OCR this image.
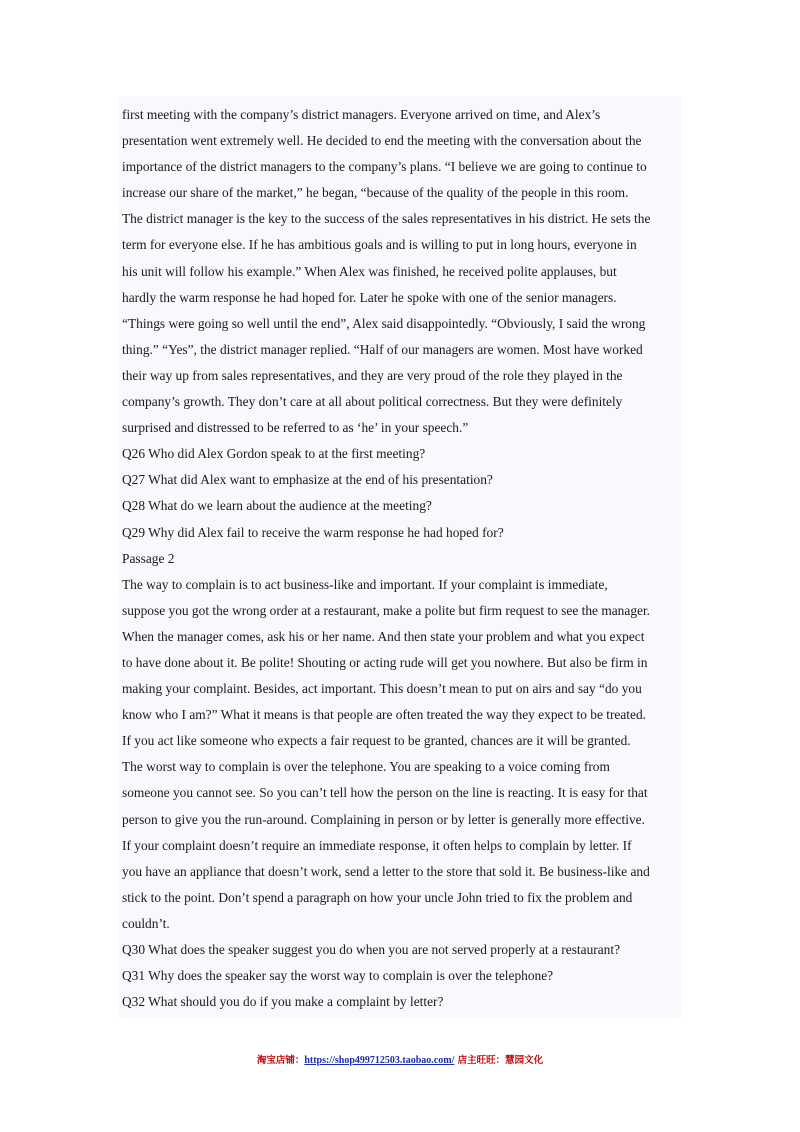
first meeting with the company’s district managers. Everyone arrived on time, and Alex’s

presentation went extremely well. He decided to end the meeting with the conversation about the

importance of the district managers to the company’s plans. “I believe we are going to continue to

increase our share of the market,” he began, “because of the quality of the people in this room.

The district manager is the key to the success of the sales representatives in his district. He sets the

term for everyone else. If he has ambitious goals and is willing to put in long hours, everyone in

his unit will follow his example.” When Alex was finished, he received polite applauses, but

hardly the warm response he had hoped for. Later he spoke with one of the senior managers.

“Things were going so well until the end”, Alex said disappointedly. “Obviously, I said the wrong

thing.” “Yes”, the district manager replied. “Half of our managers are women. Most have worked

their way up from sales representatives, and they are very proud of the role they played in the

company’s growth. They don’t care at all about political correctness. But they were definitely

surprised and distressed to be referred to as ‘he’ in your speech.”

Q26 Who did Alex Gordon speak to at the first meeting?

Q27 What did Alex want to emphasize at the end of his presentation?

Q28 What do we learn about the audience at the meeting?

Q29 Why did Alex fail to receive the warm response he had hoped for?

Passage 2

The way to complain is to act business-like and important. If your complaint is immediate,

suppose you got the wrong order at a restaurant, make a polite but firm request to see the manager.

When the manager comes, ask his or her name. And then state your problem and what you expect

to have done about it. Be polite! Shouting or acting rude will get you nowhere. But also be firm in

making your complaint. Besides, act important. This doesn’t mean to put on airs and say “do you

know who I am?” What it means is that people are often treated the way they expect to be treated.

If you act like someone who expects a fair request to be granted, chances are it will be granted.

The worst way to complain is over the telephone. You are speaking to a voice coming from

someone you cannot see. So you can’t tell how the person on the line is reacting. It is easy for that

person to give you the run-around. Complaining in person or by letter is generally more effective.

If your complaint doesn’t require an immediate response, it often helps to complain by letter. If

you have an appliance that doesn’t work, send a letter to the store that sold it. Be business-like and

stick to the point. Don’t spend a paragraph on how your uncle John tried to fix the problem and

couldn’t.

Q30 What does the speaker suggest you do when you are not served properly at a restaurant?

Q31 Why does the speaker say the worst way to complain is over the telephone?

Q32 What should you do if you make a complaint by letter?

淘宝店铺：https://shop499712503.taobao.com/ 店主旺旺：慧园文化
